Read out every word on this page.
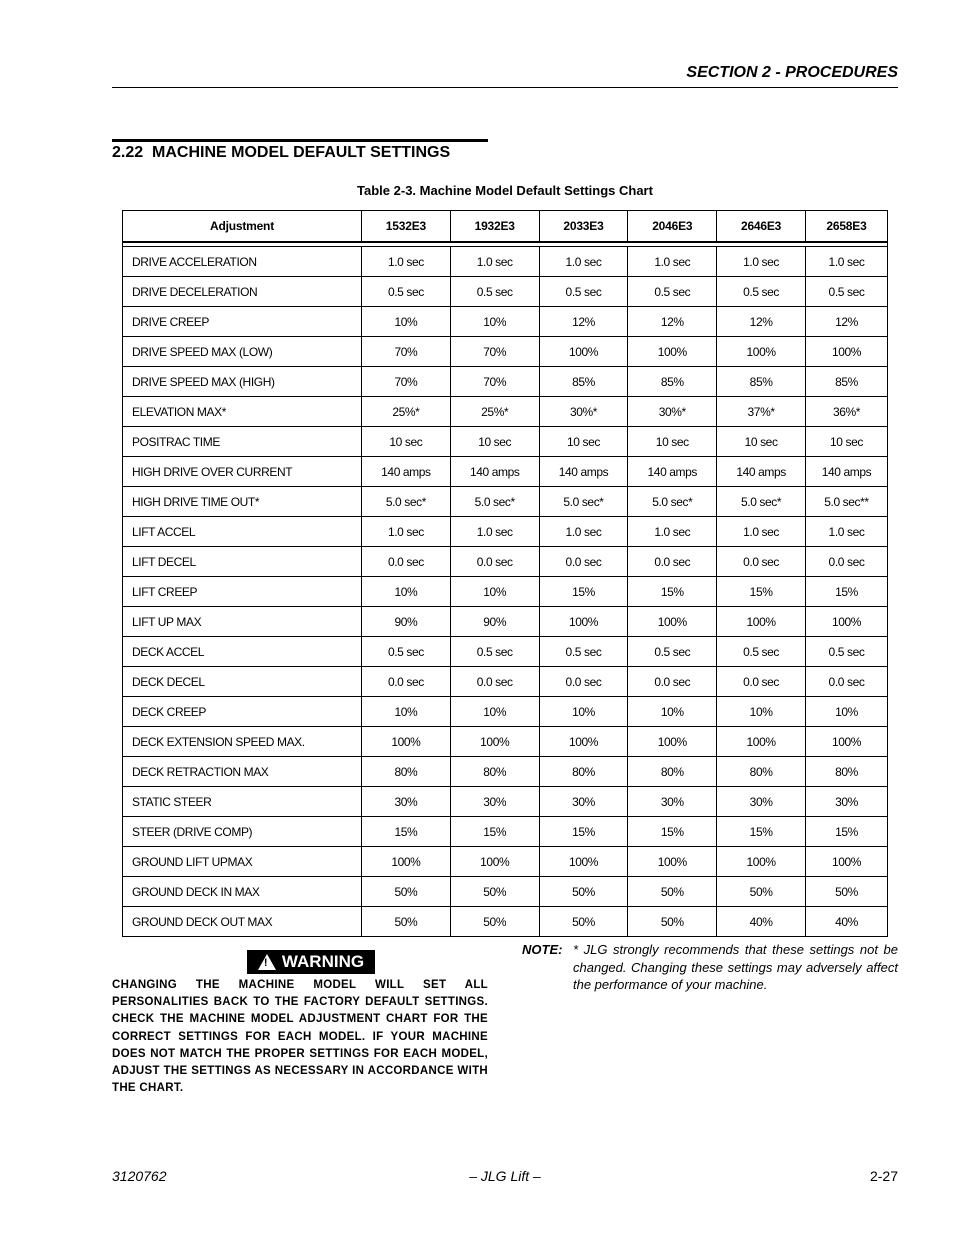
SECTION 2 - PROCEDURES
2.22 MACHINE MODEL DEFAULT SETTINGS
Table 2-3. Machine Model Default Settings Chart
Adjustment	1532E3	1932E3	2033E3	2046E3	2646E3	2658E3

DRIVE ACCELERATION	1.0 sec	1.0 sec	1.0 sec	1.0 sec	1.0 sec	1.0 sec
DRIVE DECELERATION	0.5 sec	0.5 sec	0.5 sec	0.5 sec	0.5 sec	0.5 sec
DRIVE CREEP	10%	10%	12%	12%	12%	12%
DRIVE SPEED MAX (LOW)	70%	70%	100%	100%	100%	100%
DRIVE SPEED MAX (HIGH)	70%	70%	85%	85%	85%	85%
ELEVATION MAX*	25%*	25%*	30%*	30%*	37%*	36%*
POSITRAC TIME	10 sec	10 sec	10 sec	10 sec	10 sec	10 sec
HIGH DRIVE OVER CURRENT	140 amps	140 amps	140 amps	140 amps	140 amps	140 amps
HIGH DRIVE TIME OUT*	5.0 sec*	5.0 sec*	5.0 sec*	5.0 sec*	5.0 sec*	5.0 sec**
LIFT ACCEL	1.0 sec	1.0 sec	1.0 sec	1.0 sec	1.0 sec	1.0 sec
LIFT DECEL	0.0 sec	0.0 sec	0.0 sec	0.0 sec	0.0 sec	0.0 sec
LIFT CREEP	10%	10%	15%	15%	15%	15%
LIFT UP MAX	90%	90%	100%	100%	100%	100%
DECK ACCEL	0.5 sec	0.5 sec	0.5 sec	0.5 sec	0.5 sec	0.5 sec
DECK DECEL	0.0 sec	0.0 sec	0.0 sec	0.0 sec	0.0 sec	0.0 sec
DECK CREEP	10%	10%	10%	10%	10%	10%
DECK EXTENSION SPEED MAX.	100%	100%	100%	100%	100%	100%
DECK RETRACTION MAX	80%	80%	80%	80%	80%	80%
STATIC STEER	30%	30%	30%	30%	30%	30%
STEER (DRIVE COMP)	15%	15%	15%	15%	15%	15%
GROUND LIFT UPMAX	100%	100%	100%	100%	100%	100%
GROUND DECK IN MAX	50%	50%	50%	50%	50%	50%
GROUND DECK OUT MAX	50%	50%	50%	50%	40%	40%
! WARNING
CHANGING THE MACHINE MODEL WILL SET ALL PERSONALITIES BACK TO THE FACTORY DEFAULT SETTINGS. CHECK THE MACHINE MODEL ADJUSTMENT CHART FOR THE CORRECT SETTINGS FOR EACH MODEL. IF YOUR MACHINE DOES NOT MATCH THE PROPER SETTINGS FOR EACH MODEL, ADJUST THE SETTINGS AS NECESSARY IN ACCORDANCE WITH THE CHART.
NOTE: * JLG strongly recommends that these settings not be changed. Changing these settings may adversely affect the performance of your machine.
3120762	– JLG Lift –	2-27
